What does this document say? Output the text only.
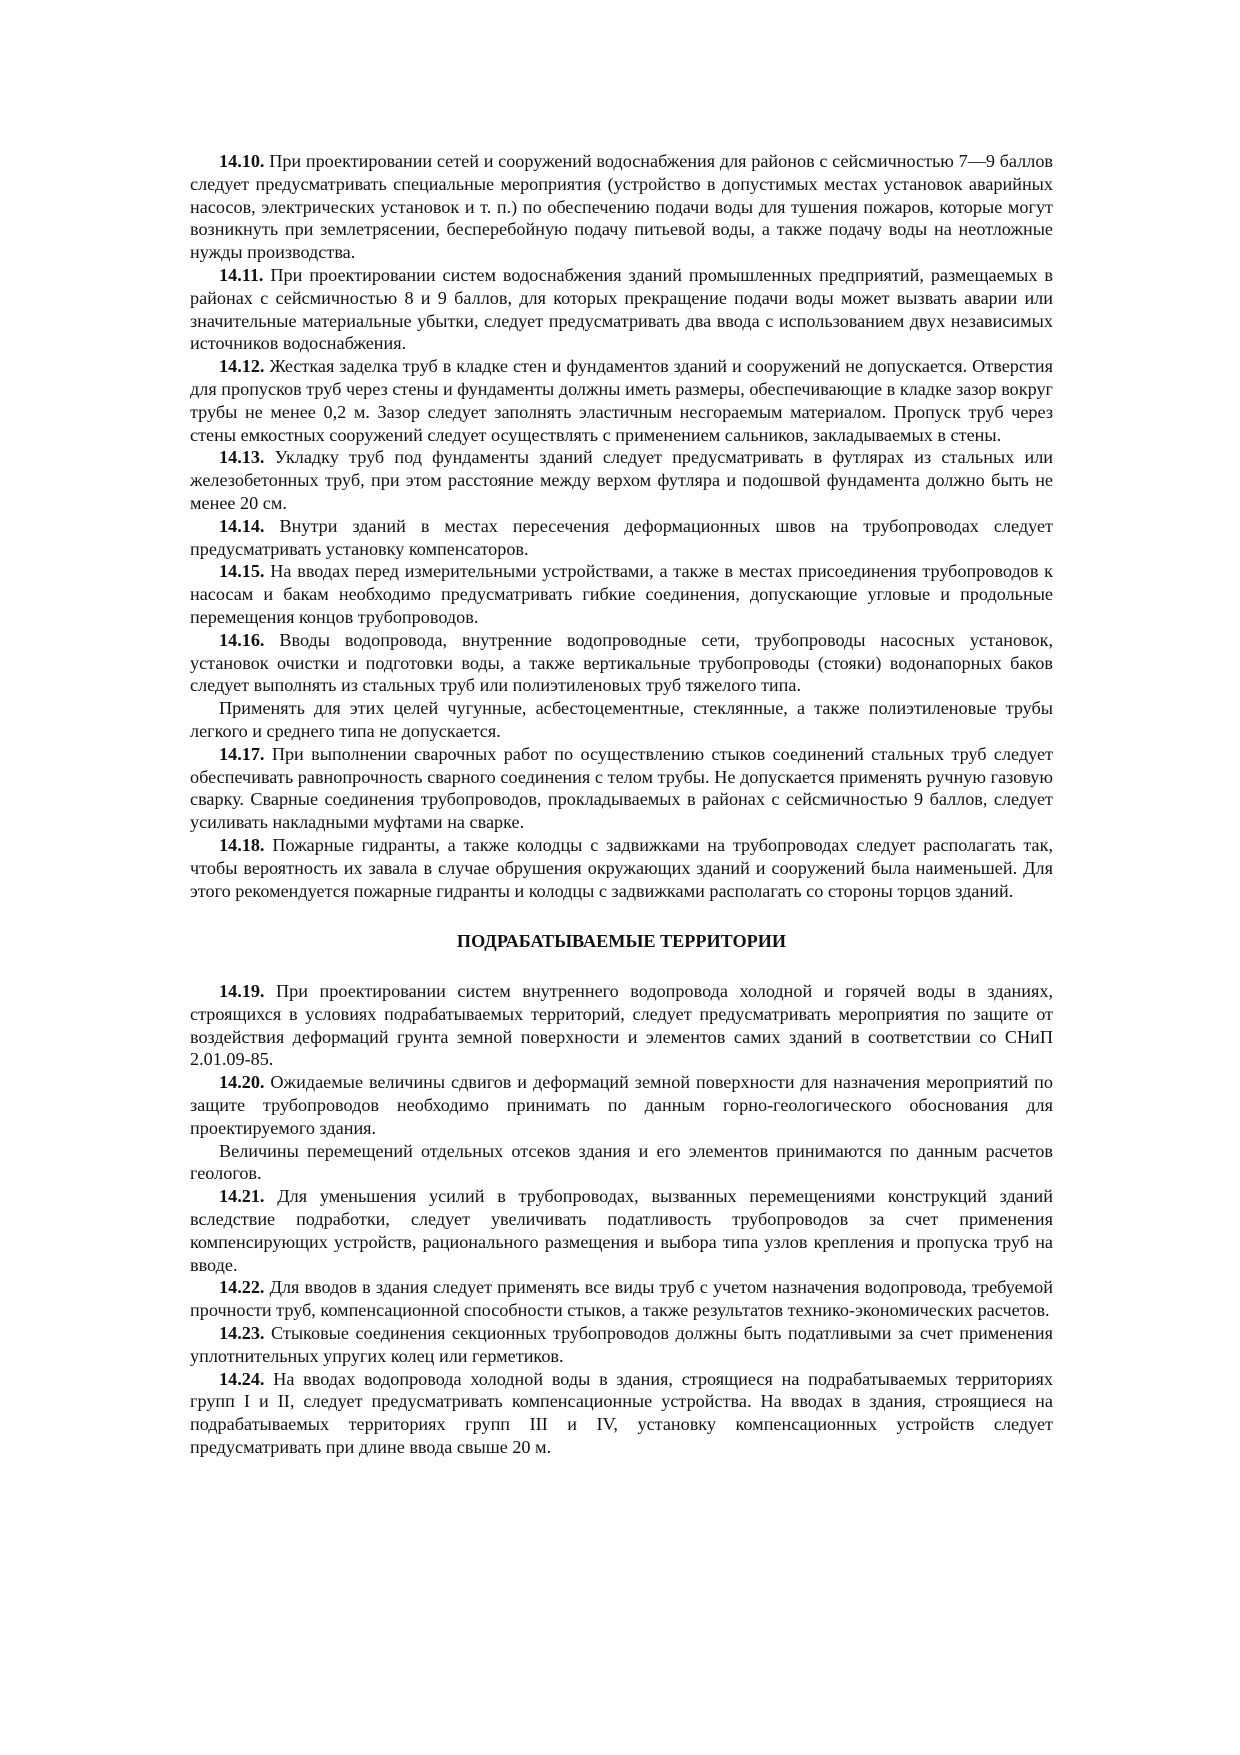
14.10. При проектировании сетей и сооружений водоснабжения для районов с сейсмичностью 7—9 баллов следует предусматривать специальные мероприятия (устройство в допустимых местах установок аварийных насосов, электрических установок и т. п.) по обеспечению подачи воды для тушения пожаров, которые могут возникнуть при землетрясении, бесперебойную подачу питьевой воды, а также подачу воды на неотложные нужды производства.

14.11. При проектировании систем водоснабжения зданий промышленных предприятий, размещаемых в районах с сейсмичностью 8 и 9 баллов, для которых прекращение подачи воды может вызвать аварии или значительные материальные убытки, следует предусматривать два ввода с использованием двух независимых источников водоснабжения.

14.12. Жесткая заделка труб в кладке стен и фундаментов зданий и сооружений не допускается. Отверстия для пропусков труб через стены и фундаменты должны иметь размеры, обеспечивающие в кладке зазор вокруг трубы не менее 0,2 м. Зазор следует заполнять эластичным несгораемым материалом. Пропуск труб через стены емкостных сооружений следует осуществлять с применением сальников, закладываемых в стены.

14.13. Укладку труб под фундаменты зданий следует предусматривать в футлярах из стальных или железобетонных труб, при этом расстояние между верхом футляра и подошвой фундамента должно быть не менее 20 см.

14.14. Внутри зданий в местах пересечения деформационных швов на трубопроводах следует предусматривать установку компенсаторов.

14.15. На вводах перед измерительными устройствами, а также в местах присоединения трубопроводов к насосам и бакам необходимо предусматривать гибкие соединения, допускающие угловые и продольные перемещения концов трубопроводов.

14.16. Вводы водопровода, внутренние водопроводные сети, трубопроводы насосных установок, установок очистки и подготовки воды, а также вертикальные трубопроводы (стояки) водонапорных баков следует выполнять из стальных труб или полиэтиленовых труб тяжелого типа.

Применять для этих целей чугунные, асбестоцементные, стеклянные, а также полиэтиленовые трубы легкого и среднего типа не допускается.

14.17. При выполнении сварочных работ по осуществлению стыков соединений стальных труб следует обеспечивать равнопрочность сварного соединения с телом трубы. Не допускается применять ручную газовую сварку. Сварные соединения трубопроводов, прокладываемых в районах с сейсмичностью 9 баллов, следует усиливать накладными муфтами на сварке.

14.18. Пожарные гидранты, а также колодцы с задвижками на трубопроводах следует располагать так, чтобы вероятность их завала в случае обрушения окружающих зданий и сооружений была наименьшей. Для этого рекомендуется пожарные гидранты и колодцы с задвижками располагать со стороны торцов зданий.

ПОДРАБАТЫВАЕМЫЕ ТЕРРИТОРИИ

14.19. При проектировании систем внутреннего водопровода холодной и горячей воды в зданиях, строящихся в условиях подрабатываемых территорий, следует предусматривать мероприятия по защите от воздействия деформаций грунта земной поверхности и элементов самих зданий в соответствии со СНиП 2.01.09-85.

14.20. Ожидаемые величины сдвигов и деформаций земной поверхности для назначения мероприятий по защите трубопроводов необходимо принимать по данным горно-геологического обоснования для проектируемого здания.

Величины перемещений отдельных отсеков здания и его элементов принимаются по данным расчетов геологов.

14.21. Для уменьшения усилий в трубопроводах, вызванных перемещениями конструкций зданий вследствие подработки, следует увеличивать податливость трубопроводов за счет применения компенсирующих устройств, рационального размещения и выбора типа узлов крепления и пропуска труб на вводе.

14.22. Для вводов в здания следует применять все виды труб с учетом назначения водопровода, требуемой прочности труб, компенсационной способности стыков, а также результатов технико-экономических расчетов.

14.23. Стыковые соединения секционных трубопроводов должны быть податливыми за счет применения уплотнительных упругих колец или герметиков.

14.24. На вводах водопровода холодной воды в здания, строящиеся на подрабатываемых территориях групп I и II, следует предусматривать компенсационные устройства. На вводах в здания, строящиеся на подрабатываемых территориях групп III и IV, установку компенсационных устройств следует предусматривать при длине ввода свыше 20 м.
